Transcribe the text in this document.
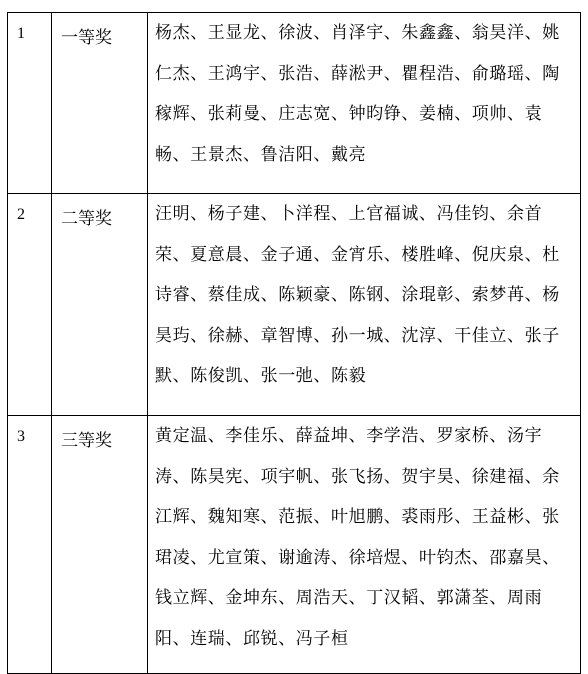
1	一等奖	杨杰、王显龙、徐波、肖泽宇、朱鑫鑫、翁昊洋、姚仁杰、王鸿宇、张浩、薛淞尹、瞿程浩、俞璐瑶、陶稼辉、张莉曼、庄志宽、钟昀铮、姜楠、项帅、袁畅、王景杰、鲁洁阳、戴亮
2	二等奖	汪明、杨子建、卜洋程、上官福诚、冯佳钧、余首荣、夏意晨、金子通、金宵乐、楼胜峰、倪庆泉、杜诗睿、蔡佳成、陈颖豪、陈钢、涂琨彰、索梦苒、杨昊玙、徐赫、章智博、孙一城、沈淳、干佳立、张子默、陈俊凯、张一弛、陈毅
3	三等奖	黄定温、李佳乐、薛益坤、李学浩、罗家桥、汤宇涛、陈昊宪、项宇帆、张飞扬、贺宇昊、徐建福、余江辉、魏知寒、范振、叶旭鹏、裘雨彤、王益彬、张珺凌、尤宣策、谢逾涛、徐培煜、叶钧杰、邵嘉昊、钱立辉、金坤东、周浩天、丁汉韬、郭潇荃、周雨阳、连瑞、邱锐、冯子桓
